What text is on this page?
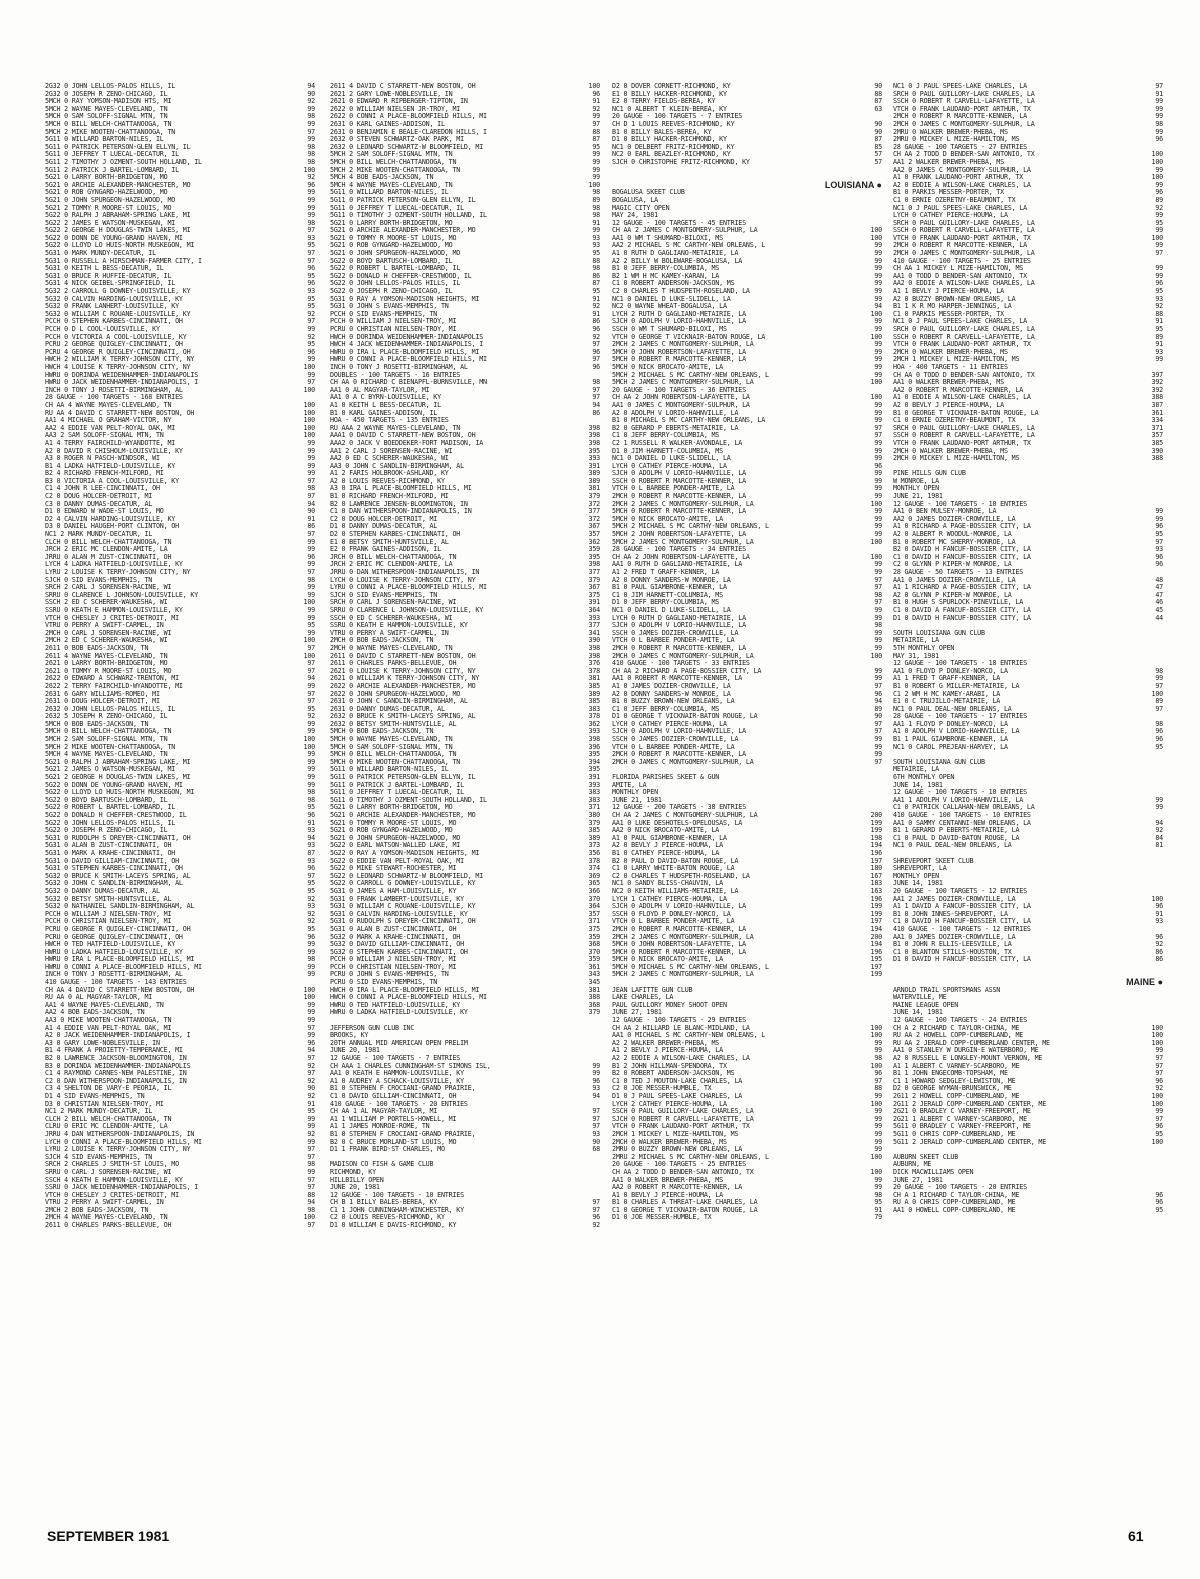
2G32 0 JOHN LELLOS-PALOS HILLS, IL	94
2G32 0 JOSEPH R ZENO-CHICAGO, IL	90
5MCH 0 RAY YOMSON-MADISON HTS, MI	92
5MCH 2 WAYNE MAYES-CLEVELAND, TN	99
5MCH 0 SAM SOLOFF-SIGNAL MTN, TN	98
5MCH 0 BILL WELCH-CHATTANOOGA, TN	99
5MCH 2 MIKE WOOTEN-CHATTANOOGA, TN	97
5G11 0 WILLARD BARTON-NILES, IL	99
5G11 0 PATRICK PETERSON-GLEN ELLYN, IL	98
5G11 0 JEFFREY T LUECAL-DECATUR, IL	98
5G11 2 TIMOTHY J OZMENT-SOUTH HOLLAND, IL	98
5G11 2 PATRICK J BARTEL-LOMBARD, IL	100
5G21 0 LARRY BORTH-BRIDGETON, MO	92
5G21 0 ARCHIE ALEXANDER-MANCHESTER, MO	96
5G21 0 ROB GYNGARD-HAZELWOOD, MO	99
5G21 0 JOHN SPURGEON-HAZELWOOD, MO	99
5G21 2 TOMMY R MOORE-ST LOUIS, MO	99
5G22 0 RALPH J ABRAHAM-SPRING LAKE, MI	99
5G22 2 JAMES E WATSON-MUSKEGAN, MI	98
5G22 2 GEORGE H DOUGLAS-TWIN LAKES, MI	97
5G22 0 DONN DE YOUNG-GRAND HAVEN, MI	93
5G22 0 LLOYD LO HUIS-NORTH MUSKEGON, MI	95
5G31 0 MARK MUNDY-DECATUR, IL	97
5G31 0 RUSSELL A HIRSCHMAN-FARMER CITY, I	97
5G31 0 KEITH L BESS-DECATUR, IL	96
5G31 0 BRUCE R HUFFIE-DECATUR, IL	95
5G31 4 NICK GEIBEL-SPRINGFIELD, IL	96
5G32 2 CARROLL G DOWNEY-LOUISVILLE, KY	93
5G32 0 CALVIN HARDING-LOUISVILLE, KY	95
5G32 0 FRANK LANHERT-LOUISVILLE, KY	95
5G32 0 WILLIAM C ROUANE-LOUISVILLE, KY	92
PCCH 0 STEPHEN KARBES-CINCINNATI, OH	97
PCCH 0 D L COOL-LOUISVILLE, KY	99
PCCH 0 VICTORIA A COOL-LOUISVILLE, KY	92
PCRU 2 GEORGE QUIGLEY-CINCINNATI, OH	95
PCRU 4 GEORGE R QUIGLEY-CINCINNATI, OH	96
HWCH 2 WILLIAM K TERRY-JOHNSON CITY, NY	99
HWCH 4 LOUISE K TERRY-JOHNSON CITY, NY	100
HWRU 0 DORINDA WEIDENHAMMER-INDIANAPOLIS	99
HWRU 0 JACK WEIDENHAMMER-INDIANAPOLIS, I	97
INCH 0 TONY J ROSETTI-BIRMINGHAM, AL	100
28 GAUGE - 100 TARGETS - 168 ENTRIES
CH AA 4 WAYNE MAYES-CLEVELAND, TN	100
RU AA 4 DAVID C STARRETT-NEW BOSTON, OH	100
AA1 4 MICHAEL O GRAHAM-VICTOR, NY	100
AA2 4 EDDIE VAN PELT-ROYAL OAK, MI	100
AA3 2 SAM SOLOFF-SIGNAL MTN, TN	100
A1 4 TERRY FAIRCHILD-WYANDOTTE, MI	99
A2 0 DAVID R CHISHOLM-LOUISVILLE, KY	99
A3 0 ROGER N PASCH-WINDSOR, WI	99
B1 4 LADKA HATFIELD-LOUISVILLE, KY	99
B2 4 RICHARD FRENCH-MILFORD, MI	99
B3 0 VICTORIA A COOL-LOUISVILLE, KY	97
C1 4 JOHN R LEE-CINCINNATI, OH	98
C2 0 DOUG HOLCER-DETROIT, MI	97
C3 0 DANNY DUMAS-DECATUR, AL	94
D1 0 EDWARD W WADE-ST LOUIS, MO	90
D2 4 CALVIN HARDING-LOUISVILLE, KY	91
D3 0 DANIEL HAUGEH-PORT CLINTON, OH	86
NC1 2 MARK MUNDY-DECATUR, IL	97
CLCH 0 BILL WELCH-CHATTANOOGA, TN	99
JRCH 2 ERIC MC CLENDON-AMITE, LA	99
JRRU 0 ALAN M ZUST-CINCINNATI, OH	96
LYCH 4 LADKA HATFIELD-LOUISVILLE, KY	99
LYRU 2 LOUISE K TERRY-JOHNSON CITY, NY	97
SJCH 0 SID EVANS-MEMPHIS, TN	98
SRCH 2 CARL J SORENSEN-RACINE, WI	99
SRRU 0 CLARENCE L JOHNSON-LOUISVILLE, KY	99
SSCH 2 ED C SCHERER-WAUKESHA, WI	100
SSRU 0 KEATH E HAMMON-LOUISVILLE, KY	99
VTCH 0 CHESLEY J CRITES-DETROIT, MI	99
VTRU 0 PERRY A SWIFT-CARMEL, IN	95
2MCH 0 CARL J SORENSEN-RACINE, WI	99
2MCH 2 ED C SCHERER-WAUKESHA, WI	100
2611 0 BOB EADS-JACKSON, TN	97
2611 4 WAYNE MAYES-CLEVELAND, TN	100
2621 0 LARRY BORTH-BRIDGETON, MO	97
2621 0 TOMMY R MOORE-ST LOUIS, MO	97
2622 0 EDWARD A SCHWARZ-TRENTON, MI	94
2622 2 TERRY FAIRCHILD-WYANDOTTE, MI	99
2631 6 GARY WILLIAMS-ROMEO, MI	97
2631 0 DOUG HOLCER-DETROIT, MI	97
2632 0 JOHN LELLOS-PALOS HILLS, IL	95
2632 5 JOSEPH R ZENO-CHICAGO, IL	92
5MCH 0 BOB EADS-JACKSON, TN	99
5MCH 0 BILL WELCH-CHATTANOOGA, TN	99
5MCH 2 SAM SOLOFF-SIGNAL MTN, TN	100
5MCH 2 MIKE WOOTEN-CHATTANOOGA, TN	100
5MCH 4 WAYNE MAYES-CLEVELAND, TN	99
5G21 0 RALPH J ABRAHAM-SPRING LAKE, MI	99
5G21 2 JAMES O WATSON-MUSKEGAN, MI	99
5G21 2 GEORGE H DOUGLAS-TWIN LAKES, MI	99
5G22 0 DONN DE YOUNG-GRAND HAVEN, MI	99
5G22 0 LLOYD LO HUIS-NORTH MUSKEGON, MI	98
5G22 0 BOYD BARTUSCH-LOMBARD, IL	98
5G22 0 ROBERT L BARTEL-LOMBARD, IL	95
5G22 0 DONALD H CHEFFER-CRESTWOOD, IL	96
5G22 0 JOHN LELLOS-PALOS HILLS, IL	91
5G22 0 JOSEPH R ZENO-CHICAGO, IL	93
5G31 0 RUDOLPH S DREYER-CINCINNATI, OH	94
5G31 0 ALAN B ZUST-CINCINNATI, OH	93
5G31 0 MARK A KRAHE-CINCINNATI, OH	87
5G31 0 DAVID GILLIAM-CINCINNATI, OH	93
5G31 0 STEPHEN KARBES-CINCINNATI, OH	96
5G32 0 BRUCE K SMITH-LACEYS SPRING, AL	97
5G32 0 JOHN C SANDLIN-BIRMINGHAM, AL	95
5G32 0 DANNY DUMAS-DECATUR, AL	95
5G32 0 BETSY SMITH-HUNTSVILLE, AL	92
5G32 0 NATHANIEL SANDLIN-BIRMINGHAM, AL	93
PCCH 0 WILLIAM J NIELSEN-TROY, MI	92
PCCH 0 CHRISTIAN NIELSEN-TROY, MI	92
PCRU 0 GEORGE R QUIGLEY-CINCINNATI, OH	95
PCRU 0 GEORGE QUIGLEY-CINCINNATI, OH	96
HWCH 0 TED HATFIELD-LOUISVILLE, KY	99
HWRU 0 LADKA HATFIELD-LOUISVILLE, KY	99
HWRU 0 IRA L PLACE-BLOOMFIELD HILLS, MI	98
HWRU 0 CONNI A PLACE-BLOOMFIELD HILLS, MI	99
INCH 0 TONY J ROSETTI-BIRMINGHAM, AL	99
410 GAUGE - 100 TARGETS - 143 ENTRIES
CH AA 4 DAVID C STARRETT-NEW BOSTON, OH	100
RU AA 0 AL MAGYAR-TAYLOR, MI	100
AA1 4 WAYNE MAYES-CLEVELAND, TN	99
AA2 4 BOB EADS-JACKSON, TN	99
AA3 0 MIKE WOOTEN-CHATTANOOGA, TN	99
A1 4 EDDIE VAN PELT-ROYAL OAK, MI	97
A2 0 JACK WEIDENHAMMER-INDIANAPOLIS, I	99
A3 0 GARY LOWE-NOBLESVILLE, IN	96
B1 4 FRANK A PROIETTY-TEMPERANCE, MI	94
B2 0 LAWRENCE JACKSON-BLOOMINGTON, IN	97
B3 0 DORINDA WEIDENHAMMER-INDIANAPOLIS	92
C1 4 RAYMOND CARNES-NEW PALESTINE, IN	97
C2 0 DAN WITHERSPOON-INDIANAPOLIS, IN	92
C3 4 SHELTON DE VARY-E PEORIA, IL	90
D1 4 SID EVANS-MEMPHIS, TN	92
D3 0 CHRISTIAN NIELSEN-TROY, MI	91
NC1 2 MARK MUNDY-DECATUR, IL	95
CLCH 2 BILL WELCH-CHATTANOOGA, TN	99
CLRU 0 ERIC MC CLENDON-AMITE, LA	99
JRRU 4 DAN WITHERSPOON-INDIANAPOLIS, IN	92
LYCH 0 CONNI A PLACE-BLOOMFIELD HILLS, MI	99
LYRU 2 LOUISE K TERRY-JOHNSON CITY, NY	97
SJCH 4 SID EVANS-MEMPHIS, TN	97
SRCH 2 CHARLES J SMITH-ST LOUIS, MO	98
SRRU 0 CARL J SORENSEN-RACINE, WI	99
SSCH 4 KEATH E HAMMON-LOUISVILLE, KY	97
SSRU 0 JACK WEIDENHAMMER-INDIANAPOLIS, I	97
VTCH 0 CHESLEY J CRITES-DETROIT, MI	88
VTRU 2 PERRY A SWIFT-CARMEL, IN	94
2MCH 2 BOB EADS-JACKSON, TN	98
2MCH 4 WAYNE MAYES-CLEVELAND, TN	100
2611 0 CHARLES PARKS-BELLEVUE, OH	97
2611 4 DAVID C STARRETT-NEW BOSTON, OH	100
2621 2 GARY LOWE-NOBLESVILLE, IN	96
2621 0 EDWARD R RIPBERGER-TIPTON, IN	91
2622 0 WILLIAM NIELSEN JR-TROY, MI	92
2622 0 CONNI A PLACE-BLOOMFIELD HILLS, MI	99
2631 0 KARL GAINES-ADDISON, IL	97
2631 0 BENJAMIN E BEALE-CLAREDON HILLS, I	88
2632 0 STEVEN SCHWARTZ-OAK PARK, MI	87
2632 0 LEONARD SCHWARTZ-W BLOOMFIELD, MI	95
5MCH 2 SAM SOLOFF-SIGNAL MTN, TN	99
5MCH 0 BILL WELCH-CHATTANOOGA, TN	99
5MCH 2 MIKE WOOTEN-CHATTANOOGA, TN	99
5MCH 4 BOB EADS-JACKSON, TN	99
5MCH 4 WAYNE MAYES-CLEVELAND, TN	100
5G11 0 WILLARD BARTON-NILES, IL	98
5G11 0 PATRICK PETERSON-GLEN ELLYN, IL	89
5G11 0 JEFFREY T LUECAL-DECATUR, IL	98
5G11 0 TIMOTHY J OZMENT-SOUTH HOLLAND, IL	98
5G21 0 LARRY BORTH-BRIDGETON, MO	91
5G21 0 ARCHIE ALEXANDER-MANCHESTER, MO	99
5G21 0 TOMMY R MOORE-ST LOUIS, MO	93
5G21 0 ROB GYNGARD-HAZELWOOD, MO	93
5G21 0 JOHN SPURGEON-HAZELWOOD, MO	95
5G22 0 BOYD BARTUSCH-LOMBARD, IL	88
5G22 0 ROBERT L BARTEL-LOMBARD, IL	98
5G22 0 DONALD H CHEFFER-CRESTWOOD, IL	86
5G22 0 JOHN LELLOS-PALOS HILLS, IL	87
5G22 0 JOSEPH R ZENO-CHICAGO, IL	95
5G31 0 RAY A YOMSON-MADISON HEIGHTS, MI	91
5G31 0 JOHN S EVANS-MEMPHIS, TN	92
PCCH 0 SID EVANS-MEMPHIS, TN	91
PCCH 0 WILLIAM J NIELSEN-TROY, MI	86
PCRU 0 CHRISTIAN NIELSEN-TROY, MI	96
HWCH 0 DORINDA WEIDENHAMMER-INDIANAPOLIS	92
HWCH 4 JACK WEIDENHAMMER-INDIANAPOLIS, I	97
HWRU 0 IRA L PLACE-BLOOMFIELD HILLS, MI	96
HWRU 0 CONNI A PLACE-BLOOMFIELD HILLS, MI	97
INCH 0 TONY J ROSETTI-BIRMINGHAM, AL	96
DOUBLES - 100 TARGETS - 16 ENTRIES
CH AA 0 RICHARD C BIENAPFL-BURNSVILLE, MN	98
AA1 0 AL MAGYAR-TAYLOR, MI	97
AA1 0 A C BYRN-LOUISVILLE, KY	97
A1 0 KEITH L BESS-DECATUR, IL	94
B1 0 KARL GAINES-ADDISON, IL	86
HOA - 450 TARGETS - 135 ENTRIES
RU AAA 2 WAYNE MAYES-CLEVELAND, TN	398
AAA1 0 DAVID C STARRETT-NEW BOSTON, OH	398
AAA2 0 JACK V BOEDDEKER-FORT MADISON, IA	398
AA1 2 CARL J SORENSEN-RACINE, WI	395
AA2 0 ED C SCHERER-WAUKESHA, WI	393
AA3 0 JOHN C SANDLIN-BIRMINGHAM, AL	391
A1 2 FARIS HOLBROOK-ASHLAND, KY	389
A2 0 LOUIS REEVES-RICHMOND, KY	389
A3 0 IRA L PLACE-BLOOMFIELD HILLS, MI	381
B1 0 RICHARD FRENCH-MILFORD, MI	379
B2 0 LAWRENCE JENSEN-BLOOMINGTON, IN	372
C1 0 DAN WITHERSPOON-INDIANAPOLIS, IN	377
C2 0 DOUG HOLCER-DETROIT, MI	372
D1 0 DANNY DUMAS-DECATUR, AL	367
D2 0 STEPHEN KARBES-CINCINNATI, OH	357
E1 0 BETSY SMITH-HUNTSVILLE, AL	362
E2 0 FRANK GAINES-ADDISON, IL	359
JRCH 0 BILL WELCH-CHATTANOOGA, TN	395
JRCH 2 ERIC MC CLENDON-AMITE, LA	398
JRRU 0 DAN WITHERSPOON-INDIANAPOLIS, IN	377
LYCH 0 LOUISE K TERRY-JOHNSON CITY, NY	379
LYRU 0 CONNI A PLACE-BLOOMFIELD HILLS, MI	367
SJCH 0 SID EVANS-MEMPHIS, TN	375
SRCH 0 CARL J SORENSEN-RACINE, WI	391
SRRU 0 CLARENCE L JOHNSON-LOUISVILLE, KY	364
SSCH 0 ED C SCHERER-WAUKESHA, WI	393
SSRU 0 KEATH E HAMMON-LOUISVILLE, KY	377
VTRU 0 PERRY A SWIFT-CARMEL, IN	341
2MCH 0 BOB EADS-JACKSON, TN	390
2MCH 0 WAYNE MAYES-CLEVELAND, TN	398
2611 0 DAVID C STARRETT-NEW BOSTON, OH	398
2611 0 CHARLES PARKS-BELLEVUE, OH	376
2621 0 LOUISE K TERRY-JOHNSON CITY, NY	378
2621 0 WILLIAM K TERRY-JOHNSON CITY, NY	381
2622 0 ARCHIE ALEXANDER-MANCHESTER, MO	385
2622 0 JOHN SPURGEON-HAZELWOOD, MO	389
2631 0 JOHN C SANDLIN-BIRMINGHAM, AL	385
2631 0 DANNY DUMAS-DECATUR, AL	383
2632 0 BRUCE K SMITH-LACEYS SPRING, AL	378
2632 0 BETSY SMITH-HUNTSVILLE, AL	362
5MCH 0 BOB EADS-JACKSON, TN	393
5MCH 0 WAYNE MAYES-CLEVELAND, TN	398
5MCH 0 SAM SOLOFF-SIGNAL MTN, TN	396
5MCH 0 BILL WELCH-CHATTANOOGA, TN	395
5MCH 0 MIKE WOOTEN-CHATTANOOGA, TN	394
5G11 0 WILLARD BARTON-NILES, IL	395
5G11 0 PATRICK PETERSON-GLEN ELLYN, IL	391
5G11 0 PATRICK J BARTEL-LOMBARD, IL	393
5G11 0 JEFFREY T LUECAL-DECATUR, IL	383
5G11 0 TIMOTHY J OZMENT-SOUTH HOLLAND, IL	383
5G21 0 LARRY BORTH-BRIDGETON, MO	371
5G21 0 ARCHIE ALEXANDER-MANCHESTER, MO	380
5G21 0 TOMMY R MOORE-ST LOUIS, MO	379
5G21 0 ROB GYNGARD-HAZELWOOD, MO	385
5G21 0 JOHN SPURGEON-HAZELWOOD, MO	389
5G22 0 EARL WATSON-WALLED LAKE, MI	373
5G22 0 RAY A YOMSON-MADISON HEIGHTS, MI	356
5G22 0 EDDIE VAN PELT-ROYAL OAK, MI	378
5G22 0 MIKE STEWART-ROCHESTER, MI	374
5G22 0 LEONARD SCHWARTZ-W BLOOMFIELD, MI	369
5G22 0 CARROLL G DOWNEY-LOUISVILLE, KY	365
5G31 0 JAMES A HAM-LOUISVILLE, KY	366
5G31 0 FRANK LAMBERT-LOUISVILLE, KY	370
5G31 0 WILLIAM C ROUANE-LOUISVILLE, KY	364
5G31 0 CALVIN HARDING-LOUISVILLE, KY	357
5G31 0 RUDOLPH S DREYER-CINCINNATI, OH	371
5G31 0 ALAN B ZUST-CINCINNATI, OH	375
5G32 0 MARK A KRAHE-CINCINNATI, OH	359
5G32 0 DAVID GILLIAM-CINCINNATI, OH	368
5G32 0 STEPHEN KARBES-CINCINNATI, OH	370
PCCH 0 WILLIAM J NIELSEN-TROY, MI	359
PCCH 0 CHRISTIAN NIELSEN-TROY, MI	361
PCRU 0 JOHN S EVANS-MEMPHIS, TN	343
PCRU 0 SID EVANS-MEMPHIS, TN	345
HWCH 0 IRA L PLACE-BLOOMFIELD HILLS, MI	381
HWCH 0 CONNI A PLACE-BLOOMFIELD HILLS, MI	388
HWRU 0 TED HATFIELD-LOUISVILLE, KY	368
HWRU 0 LADKA HATFIELD-LOUISVILLE, KY	379
JEFFERSON GUN CLUB INC
BROOKS, KY
20TH ANNUAL MID AMERICAN OPEN PRELIM
JUNE 20, 1981
12 GAUGE - 100 TARGETS - 7 ENTRIES
CH AAA 1 CHARLES CUNNINGHAM-ST SIMONS ISL,	99
AA1 0 KEATH E HAMMON-LOUISVILLE, KY	99
A1 0 AUDREY A SCHACK-LOUISVILLE, KY	96
B1 0 STEPHEN F CROCIANI-GRAND PRAIRIE,	93
C1 0 DAVID GILLIAM-CINCINNATI, OH	94
410 GAUGE - 100 TARGETS - 20 ENTRIES
CH AA 1 AL MAGYAR-TAYLOR, MI	97
A1 1 WILLIAM P PORTELS-HOWELL, MI	97
A1 1 JAMES MONROE-ROME, TN	97
B1 0 STEPHEN F CROCIANI-GRAND PRAIRIE,	93
B2 0 C BRUCE MORLAND-ST LOUIS, MO	90
D1 1 FRANK BIRD-ST CHARLES, MO	68
MADISON CO FISH & GAME CLUB
RICHMOND, KY
HILLBILLY OPEN
JUNE 20, 1981
12 GAUGE - 100 TARGETS - 10 ENTRIES
CH B 1 BILLY BALES-BEREA, KY	97
C1 1 JOHN CUNNINGHAM-WINCHESTER, KY	97
C2 0 LOUIS REEVES-RICHMOND, KY	96
D1 0 WILLIAM E DAVIS-RICHMOND, KY	92
D2 0 DOVER CORNETT-RICHMOND, KY	90
E1 0 BILLY HACKER-RICHMOND, KY	88
E2 0 TERRY FIELDS-BEREA, KY	87
NC1 0 ALBERT T KLEIN-BEREA, KY	63
20 GAUGE - 100 TARGETS - 7 ENTRIES
CH D 1 LOUIS REEVES-RICHMOND, KY	90
B1 0 BILLY BALES-BEREA, KY	90
D1 0 BILLY HACKER-RICHMOND, KY	87
NC1 0 DELBERT FRITZ-RICHMOND, KY	85
NC2 0 EARL BEAZLEY-RICHMOND, KY	57
SJCH 0 CHRISTOPHE FRITZ-RICHMOND, KY	57
LOUISIANA ●
BOGALUSA SKEET CLUB
BOGALUSA, LA
MAGIC CITY OPEN
MAY 24, 1981
12 GAUGE - 100 TARGETS - 45 ENTRIES
CH AA 2 JAMES C MONTGOMERY-SULPHUR, LA	100
AA1 0 WM T SHUMARD-BILOXI, MS	100
AA2 2 MICHAEL S MC CARTHY-NEW ORLEANS, L	99
A1 0 RUTH D GAGLIANO-METAIRIE, LA	99
A2 2 BILLY W BOLEWARE-BOGALUSA, LA	99
B1 0 JEFF BERRY-COLUMBIA, MS	99
B2 1 WM H MC KAMEY-KARAN, LA	99
C1 0 ROBERT ANDERSON-JACKSON, MS	99
C2 0 CHARLES T HUDSPETH-ROSELAND, LA	99
NC1 0 DANIEL D LUKE-SLIDELL, LA	99
NC2 0 WAYNE WHEAT-BOGALUSA, LA	94
LYCH 2 RUTH D GAGLIANO-METAIRIE, LA	100
SJCH 0 ADOLPH V LORIO-HAHNVILLE, LA	99
SSCH 0 WM T SHUMARD-BILOXI, MS	99
VTCH 0 GEORGE T VICKNAIR-BATON ROUGE, LA	100
2MCH 2 JAMES C MONTGOMERY-SULPHUR, LA	99
5MCH 0 JOHN ROBERTSON-LAFAYETTE, LA	99
5MCH 0 ROBERT R MARCOTTE-KENNER, LA	99
5MCH 0 NICK BROCATO-AMITE, LA	99
5MCH 2 MICHAEL S MC CARTHY-NEW ORLEANS, L	99
5MCH 2 JAMES C MONTGOMERY-SULPHUR, LA	100
20 GAUGE - 100 TARGETS - 36 ENTRIES
CH AA 2 JOHN ROBERTSON-LAFAYETTE, LA	100
AA1 0 JAMES C MONTGOMERY-SULPHUR, LA	99
A2 0 ADOLPH V LORIO-HAHNVILLE, LA	99
B1 0 MICHAEL S MC CARTHY-NEW ORLEANS, LA	99
B2 0 GERARD P EBERTS-METAIRIE, LA	97
C1 0 JEFF BERRY-COLUMBIA, MS	97
C2 1 RUSSELL R WALKER-AVONDALE, LA	99
D1 0 JIM HARNETT-COLUMBIA, MS	99
NC1 0 DANIEL D LUKE-SLIDELL, LA	99
LYCH 0 CATHEY PIERCE-HOUMA, LA	96
SJCH 0 ADOLPH V LORIO-HAHNVILLE, LA	99
SSCH 0 ROBERT R MARCOTTE-KENNER, LA	99
VTCH 0 L BARBEE PONDER-AMITE, LA	99
2MCH 0 ROBERT R MARCOTTE-KENNER, LA	99
2MCH 2 JAMES C MONTGOMERY-SULPHUR, LA	100
5MCH 0 ROBERT R MARCOTTE-KENNER, LA	99
5MCH 0 NICK BROCATO-AMITE, LA	99
5MCH 2 MICHAEL S MC CARTHY-NEW ORLEANS, L	99
5MCH 2 JOHN ROBERTSON-LAFAYETTE, LA	99
5MCH 2 JAMES C MONTGOMERY-SULPHUR, LA	100
28 GAUGE - 100 TARGETS - 34 ENTRIES
CH AA 2 JOHN ROBERTSON-LAFAYETTE, LA	100
AA1 0 RUTH D GAGLIANO-METAIRIE, LA	99
A1 2 FRED T GRAFF-KENNER, LA	99
A2 0 DONNY SANDERS-W MONROE, LA	97
B1 0 PAUL GIAMBRONE-KENNER, LA	97
C1 0 JIM HARNETT-COLUMBIA, MS	98
D1 0 JEFF BERRY-COLUMBIA, MS	97
NC1 0 DANIEL D LUKE-SLIDELL, LA	99
LYCH 0 RUTH D GAGLIANO-METAIRIE, LA	99
SJCH 0 ADOLPH V LORIO-HAHNVILLE, LA	98
SSCH 0 JAMES DOZIER-CROWVILLE, LA	99
VTCH 0 L BARBEE PONDER-AMITE, LA	99
2MCH 0 ROBERT R MARCOTTE-KENNER, LA	99
2MCH 0 JAMES C MONTGOMERY-SULPHUR, LA	100
410 GAUGE - 100 TARGETS - 33 ENTRIES
CH AA 2 RICHARD A PAGE-BOSSIER CITY, LA	99
AA1 0 ROBERT R MARCOTTE-KENNER, LA	99
A1 0 JAMES DOZIER-CROWVILLE, LA	97
A2 0 DONNY SANDERS-W MONROE, LA	96
B1 0 BUZZY BROWN-NEW ORLEANS, LA	94
C1 0 JEFF BERRY-COLUMBIA, MS	89
D1 0 GEORGE T VICKNAIR-BATON ROUGE, LA	90
LYCH 0 CATHEY PIERCE-HOUMA, LA	97
SJCH 0 ADOLPH V LORIO-HAHNVILLE, LA	97
SSCH 0 JAMES DOZIER-CROWVILLE, LA	99
VTCH 0 L BARBEE PONDER-AMITE, LA	99
2MCH 0 ROBERT R MARCOTTE-KENNER, LA	99
2MCH 0 JAMES C MONTGOMERY-SULPHUR, LA	97
FLORIDA PARISHES SKEET & GUN
AMITE, LA
MONTHLY OPEN
JUNE 21, 1981
12 GAUGE - 200 TARGETS - 38 ENTRIES
CH AA 2 JAMES C MONTGOMERY-SULPHUR, LA	200
AA1 0 LUKE DESHOTELS-OPELOUSAS, LA	199
AA2 0 NICK BROCATO-AMITE, LA	199
A1 0 PAUL GIAMBRONE-KENNER, LA	198
A2 0 BEVLY J PIERCE-HOUMA, LA	194
B1 0 CATHEY PIERCE-HOUMA, LA	196
B2 0 PAUL D DAVID-BATON ROUGE, LA	197
C1 0 LARRY WHITE-BATON ROUGE, LA	180
C2 0 CHARLES T HUDSPETH-ROSELAND, LA	167
NC1 0 SANDY BLISS-CHAUVIN, LA	183
NC2 0 KEITH WILLIAMS-METAIRIE, LA	163
LYCH 1 CATHEY PIERCE-HOUMA, LA	196
SJCH 0 ADOLPH V LORIO-HAHNVILLE, LA	199
SSCH 0 FLOYD P DONLEY-NORCO, LA	199
VTCH 0 L BARBEE PONDER-AMITE, LA	197
2MCH 0 ROBERT R MARCOTTE-KENNER, LA	194
2MCH 2 JAMES C MONTGOMERY-SULPHUR, LA	200
5MCH 0 JOHN ROBERTSON-LAFAYETTE, LA	194
5MCH 0 ROBERT R MARCOTTE-KENNER, LA	196
5MCH 0 NICK BROCATO-AMITE, LA	195
5MCH 0 MICHAEL S MC CARTHY-NEW ORLEANS, L	197
5MCH 2 JAMES C MONTGOMERY-SULPHUR, LA	199
JEAN LAFITTE GUN CLUB
LAKE CHARLES, LA
PAUL GUILLORY MONEY SHOOT OPEN
JUNE 27, 1981
12 GAUGE - 100 TARGETS - 29 ENTRIES
CH AA 2 HILLARD LE BLANC-MIDLAND, LA	100
AA1 0 MICHAEL S MC CARTHY-NEW ORLEANS, L	100
A2 2 WALKER BREWER-PHEBA, MS	99
A1 2 BEVLY J PIERCE-HOUMA, LA	99
A2 2 EDDIE A WILSON-LAKE CHARLES, LA	98
B1 2 JOHN HILLMAN-SPENDORA, TX	100
B2 0 ROBERT ANDERSON-JACKSON, MS	96
C1 0 TED J MOUTON-LAKE CHARLES, LA	97
C2 0 JOE MESSER-HUMBLE, TX	88
D1 0 J PAUL SPEES-LAKE CHARLES, LA	99
LYCH 2 CATHEY PIERCE-HOUMA, LA	100
SSCH 0 PAUL GUILLORY-LAKE CHARLES, LA	99
SJCH 0 ROBERT R CARVELL-LAFAYETTE, LA	99
VTCH 0 FRANK LAUDANO-PORT ARTHUR, TX	99
2MCH 1 MICKEY L MIZE-HAMILTON, MS	99
2MCH 0 WALKER BREWER-PHEBA, MS	99
2MRU 0 BUZZY BROWN-NEW ORLEANS, LA	99
2MRU 2 MICHAEL S MC CARTHY-NEW ORLEANS, L	100
20 GAUGE - 100 TARGETS - 25 ENTRIES
CH AA 2 TODD D BENDER-SAN ANTONIO, TX	100
AA1 0 WALKER BREWER-PHEBA, MS	99
AA2 0 ROBERT R MARCOTTE-KENNER, LA	99
A1 0 BEVLY J PIERCE-HOUMA, LA	98
B1 0 CHARLES A THREAT-LAKE CHARLES, LA	95
C1 0 GEORGE T VICKNAIR-BATON ROUGE, LA	91
D1 0 JOE MESSER-HUMBLE, TX	79
NC1 0 J PAUL SPEES-LAKE CHARLES, LA	97
SRCH 0 PAUL GUILLORY-LAKE CHARLES, LA	91
SSCH 0 ROBERT R CARVELL-LAFAYETTE, LA	99
VTCH 0 FRANK LAUDANO-PORT ARTHUR, TX	99
2MCH 0 ROBERT R MARCOTTE-KENNER, LA	99
2MCH 0 JAMES C MONTGOMERY-SULPHUR, LA	98
2MRU 0 WALKER BREWER-PHEBA, MS	99
2MRU 0 MICKEY L MIZE-HAMILTON, MS	96
28 GAUGE - 100 TARGETS - 27 ENTRIES
CH AA 2 TODD D BENDER-SAN ANTONIO, TX	100
AA1 2 WALKER BREWER-PHEBA, MS	100
AA2 0 JAMES C MONTGOMERY-SULPHUR, LA	99
A1 0 FRANK LAUDANO-PORT ARTHUR, TX	100
A2 0 EDDIE A WILSON-LAKE CHARLES, LA	99
B1 0 PARKIS MESSER-PORTER, TX	96
C1 0 ERNIE OZERETNY-BEAUMONT, TX	89
NC1 0 J PAUL SPEES-LAKE CHARLES, LA	92
LYCH 0 CATHEY PIERCE-HOUMA, LA	99
SRCH 0 PAUL GUILLORY-LAKE CHARLES, LA	95
SSCH 0 ROBERT R CARVELL-LAFAYETTE, LA	99
VTCH 0 FRANK LAUDANO-PORT ARTHUR, TX	100
2MCH 0 ROBERT R MARCOTTE-KENNER, LA	99
2MCH 0 JAMES C MONTGOMERY-SULPHUR, LA	97
410 GAUGE - 100 TARGETS - 25 ENTRIES
CH AA 1 MICKEY L MIZE-HAMILTON, MS	99
AA1 0 TODD D BENDER-SAN ANTONIO, TX	99
AA2 0 EDDIE A WILSON-LAKE CHARLES, LA	96
A1 1 BEVLY J PIERCE-HOUMA, LA	95
A2 0 BUZZY BROWN-NEW ORLEANS, LA	93
B1 1 K R MO HARPER-JENNINGS, LA	92
C1 0 PARKIS MESSER-PORTER, TX	88
NC1 0 J PAUL SPEES-LAKE CHARLES, LA	91
SRCH 0 PAUL GUILLORY-LAKE CHARLES, LA	95
SSCH 0 ROBERT R CARVELL-LAFAYETTE, LA	89
VTCH 0 FRANK LAUDANO-PORT ARTHUR, TX	91
2MCH 0 WALKER BREWER-PHEBA, MS	93
2MCH 1 MICKEY L MIZE-HAMILTON, MS	99
HOA - 400 TARGETS - 11 ENTRIES
CH AA 0 TODD D BENDER-SAN ANTONIO, TX	397
AA1 0 WALKER BREWER-PHEBA, MS	392
AA2 0 ROBERT R MARCOTTE-KENNER, LA	392
A1 0 EDDIE A WILSON-LAKE CHARLES, LA	388
A2 0 BEVLY J PIERCE-HOUMA, LA	387
B1 0 GEORGE T VICKNAIR-BATON ROUGE, LA	361
C1 0 ERNIE OZERETNY-BEAUMONT, TX	334
SRCH 0 PAUL GUILLORY-LAKE CHARLES, LA	371
SSCH 0 ROBERT R CARVELL-LAFAYETTE, LA	357
VTCH 0 FRANK LAUDANO-PORT ARTHUR, TX	385
2MCH 0 WALKER BREWER-PHEBA, MS	390
2MCH 0 MICKEY L MIZE-HAMILTON, MS	388
PINE HILLS GUN CLUB
W MONROE, LA
MONTHLY OPEN
JUNE 21, 1981
12 GAUGE - 100 TARGETS - 10 ENTRIES
AA1 0 BEN MULSEY-MONROE, LA	99
AA2 0 JAMES DOZIER-CROWVILLE, LA	99
A1 0 RICHARD A PAGE-BOSSIER CITY, LA	96
A2 0 ALBERT R WOODUL-MONROE, LA	95
B1 0 ROBERT MC SHERRY-MONROE, LA	97
B2 0 DAVID H FANCUF-BOSSIER CITY, LA	93
C1 0 DAVID H FANCUF-BOSSIER CITY, LA	96
C2 0 GLYNN P KIPER-W MONROE, LA	96
28 GAUGE - 50 TARGETS - 13 ENTRIES
AA1 0 JAMES DOZIER-CROWVILLE, LA	48
A1 1 RICHARD A PAGE-BOSSIER CITY, LA	47
A2 0 GLYNN P KIPER-W MONROE, LA	47
B1 0 HUGH S SPURLOCK-PINEVILLE, LA	46
C1 0 DAVID A FANCUF-BOSSIER CITY, LA	45
D1 0 DAVID H FANCUF-BOSSIER CITY, LA	44
SOUTH LOUISIANA GUN CLUB
METAIRIE, LA
5TH MONTHLY OPEN
MAY 31, 1981
12 GAUGE - 100 TARGETS - 18 ENTRIES
AA1 0 FLOYD P DONLEY-NORCO, LA	98
A1 1 FRED T GRAFF-KENNER, LA	99
B1 0 ROBERT G MILLER-METAIRIE, LA	97
C1 2 WM H MC KAMEY-ARABI, LA	100
E1 0 C TRUJILLO-METAIRIE, LA	89
NC1 0 PAUL DEAL-NEW ORLEANS, LA	97
28 GAUGE - 100 TARGETS - 17 ENTRIES
AA1 1 FLOYD P DONLEY-NORCO, LA	98
A1 0 ADOLPH V LORIO-HAHNVILLE, LA	96
B1 1 PAUL GIAMBRONE-KENNER, LA	96
NC1 0 CAROL PREJEAN-HARVEY, LA	95
SOUTH LOUISIANA GUN CLUB
METAIRIE, LA
6TH MONTHLY OPEN
JUNE 14, 1981
12 GAUGE - 100 TARGETS - 10 ENTRIES
AA1 1 ADOLPH V LORIO-HAHNVILLE, LA	99
C1 0 PATRICK CALLAHAN-NEW ORLEANS, LA	99
410 GAUGE - 100 TARGETS - 10 ENTRIES
AA1 0 SAMMY CENTANNI-NEW ORLEANS, LA	94
B1 1 GERARD P EBERTS-METAIRIE, LA	92
C1 0 PAUL D DAVID-BATON ROUGE, LA	84
NC1 0 PAUL DEAL-NEW ORLEANS, LA	81
SHREVEPORT SKEET CLUB
SHREVEPORT, LA
MONTHLY OPEN
JUNE 14, 1981
20 GAUGE - 100 TARGETS - 12 ENTRIES
AA1 2 JAMES DOZIER-CROWVILLE, LA	100
A1 1 DAVID A FANCUF-BOSSIER CITY, LA	96
B1 0 JOHN INNES-SHREVEPORT, LA	91
C1 0 DAVID H FANCUF-BOSSIER CITY, LA	93
410 GAUGE - 100 TARGETS - 12 ENTRIES
AA1 0 JAMES DOZIER-CROWVILLE, LA	96
B1 0 JOHN R ELLIS-LEESVILLE, LA	92
C1 0 BLANTON STILLS-HOUSTON, TX	86
D1 0 DAVID H FANCUF-BOSSIER CITY, LA	86
MAINE ●
ARNOLD TRAIL SPORTSMANS ASSN
WATERVILLE, ME
MAINE LEAGUE OPEN
JUNE 14, 1981
12 GAUGE - 100 TARGETS - 24 ENTRIES
CH A 2 RICHARD C TAYLOR-CHINA, ME	100
RU AA 2 HOWELL COPP-CUMBERLAND, ME	100
RU AA 2 JERALD COPP-CUMBERLAND CENTER, ME	100
AA1 0 STANLEY W DURGIN-E WATERBORO, ME	99
A2 0 RUSSELL E LONGLEY-MOUNT VERNON, ME	97
A1 1 ALBERT C VARNEY-SCARBORO, ME	97
B1 1 JOHN ENGECOMB-TOPSHAM, ME	97
C1 1 HOWARD SEDGLEY-LEWISTON, ME	96
D2 0 GEORGE WYMAN-BRUNSWICK, ME	92
2G11 2 HOWELL COPP-CUMBERLAND, ME	100
2G11 2 JERALD COPP-CUMBERLAND CENTER, ME	100
2G21 0 BRADLEY C VARNEY-FREEPORT, ME	99
2G21 1 ALBERT C VARNEY-SCARBORO, ME	97
5G11 0 BRADLEY C VARNEY-FREEPORT, ME	96
5G11 0 CHRIS COPP-CUMBERLAND, ME	95
5G11 2 JERALD COPP-CUMBERLAND CENTER, ME	100
AUBURN SKEET CLUB
AUBURN, ME
DICK MACWILLIAMS OPEN
JUNE 27, 1981
20 GAUGE - 100 TARGETS - 20 ENTRIES
CH A 1 RICHARD C TAYLOR-CHINA, ME	96
RU A 0 CHRIS COPP-CUMBERLAND, ME	96
AA1 0 HOWELL COPP-CUMBERLAND, ME	95
SEPTEMBER 1981	61
